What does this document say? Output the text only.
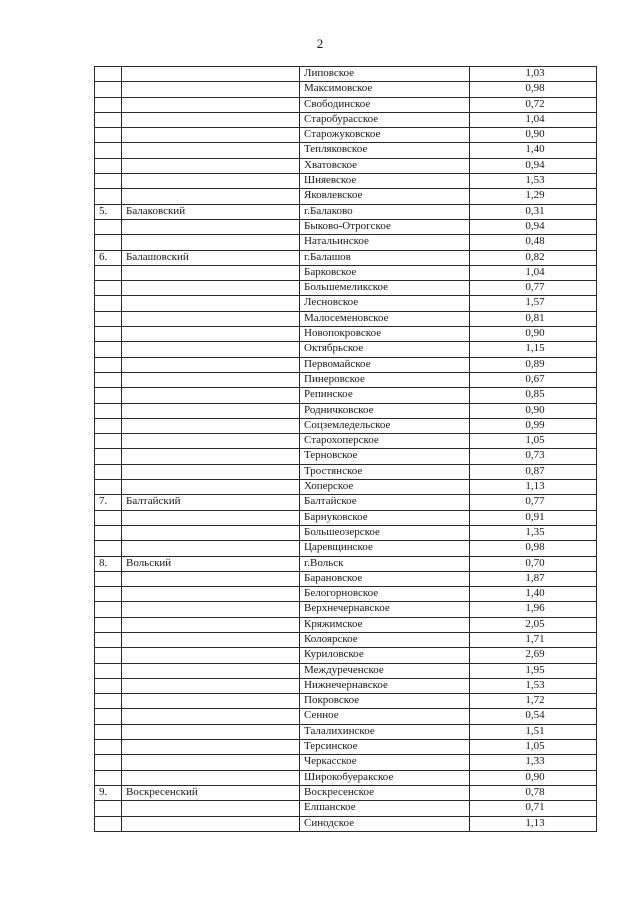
2
		Липовское	1,03
		Максимовское	0,98
		Свободинское	0,72
		Старобурасское	1,04
		Старожуковское	0,90
		Тепляковское	1,40
		Хватовское	0,94
		Шняевское	1,53
		Яковлевское	1,29
5.	Балаковский	г.Балаково	0,31
		Быково-Отрогское	0,94
		Натальинское	0,48
6.	Балашовский	г.Балашов	0,82
		Барковское	1,04
		Большемеликское	0,77
		Лесновское	1,57
		Малосеменовское	0,81
		Новопокровское	0,90
		Октябрьское	1,15
		Первомайское	0,89
		Пинеровское	0,67
		Репинское	0,85
		Родничковское	0,90
		Соцземледельское	0,99
		Старохоперское	1,05
		Терновское	0,73
		Тростянское	0,87
		Хоперское	1,13
7.	Балтайский	Балтайское	0,77
		Барнуковское	0,91
		Большеозерское	1,35
		Царевщинское	0,98
8.	Вольский	г.Вольск	0,70
		Барановское	1,87
		Белогорновское	1,40
		Верхнечернавское	1,96
		Кряжимское	2,05
		Колоярское	1,71
		Куриловское	2,69
		Междуреченское	1,95
		Нижнечернавское	1,53
		Покровское	1,72
		Сенное	0,54
		Талалихинское	1,51
		Терсинское	1,05
		Черкасское	1,33
		Широкобуеракское	0,90
9.	Воскресенский	Воскресенское	0,78
		Елшанское	0,71
		Синодское	1,13
